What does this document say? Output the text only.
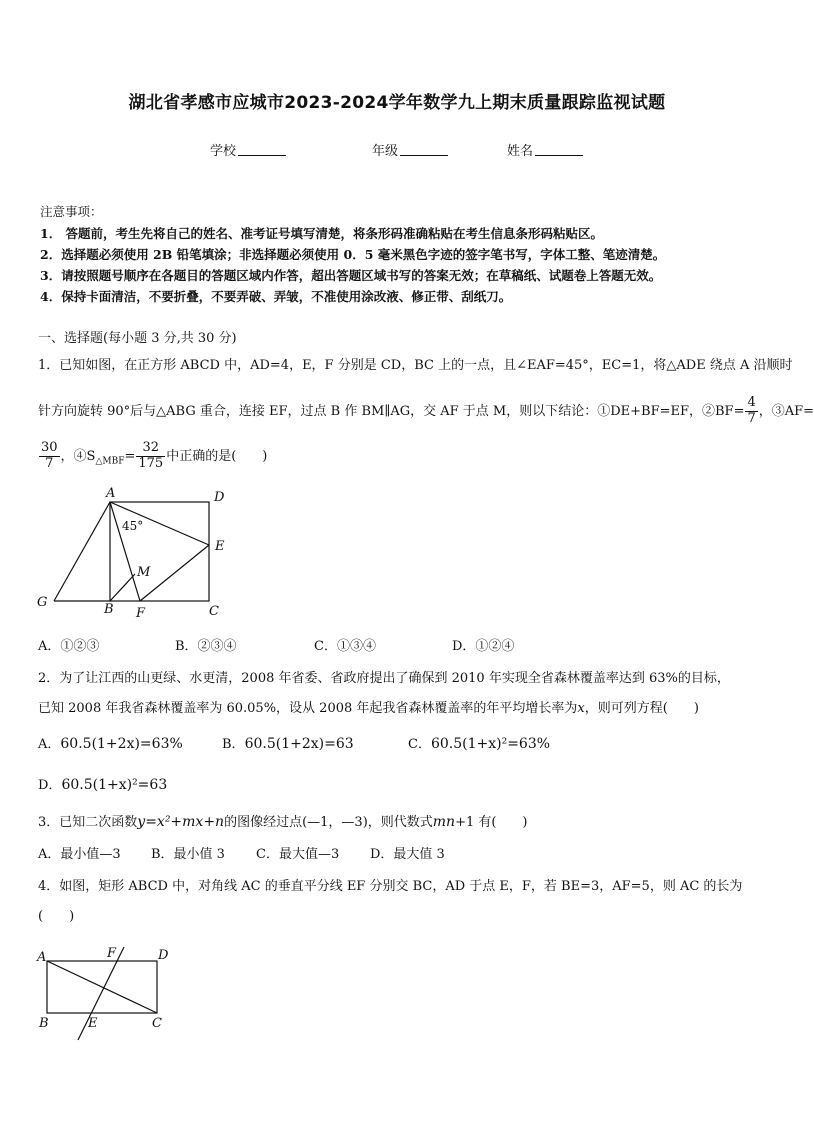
湖北省孝感市应城市2023-2024学年数学九上期末质量跟踪监视试题
学校	年级	姓名
注意事项：
1． 答题前，考生先将自己的姓名、准考证号填写清楚，将条形码准确粘贴在考生信息条形码粘贴区。
2．选择题必须使用 2B 铅笔填涂；非选择题必须使用 0．5 毫米黑色字迹的签字笔书写，字体工整、笔迹清楚。
3．请按照题号顺序在各题目的答题区域内作答，超出答题区域书写的答案无效；在草稿纸、试题卷上答题无效。
4．保持卡面清洁，不要折叠，不要弄破、弄皱，不准使用涂改液、修正带、刮纸刀。
一、选择题(每小题 3 分,共 30 分)
1．已知如图，在正方形 ABCD 中，AD=4，E，F 分别是 CD，BC 上的一点，且∠EAF=45°，EC=1，将△ADE 绕点 A 沿顺时
针方向旋转 90°后与△ABG 重合，连接 EF，过点 B 作 BM∥AG，交 AF 于点 M，则以下结论：①DE+BF=EF，②BF= $\frac{4}{7}$ ，③AF=
$\frac{30}{7}$ ，$④S_{\triangle MBF}= \frac{32}{175}$ 中正确的是(　　)
A	D
E
G	B F	C
M
45°
A．①②③	B．②③④	C．①③④	D．①②④
2．为了让江西的山更绿、水更清，2008 年省委、省政府提出了确保到 2010 年实现全省森林覆盖率达到 63%的目标，
已知 2008 年我省森林覆盖率为 60.05%，设从 2008 年起我省森林覆盖率的年平均增长率为x，则可列方程(　　)
A．60.5(1+2x)=63%	B．60.5(1+2x)=63	C．60.5(1+x)²=63%
D．60.5(1+x)²=63
3．已知二次函数y=x²+mx+n的图像经过点(—1，—3)，则代数式mn+1 有(　　)
A．最小值—3 B．最小值 3 C．最大值—3 D．最大值 3
4．如图，矩形 ABCD 中，对角线 AC 的垂直平分线 EF 分别交 BC，AD 于点 E，F，若 BE=3，AF=5，则 AC 的长为
(　　)
A	F	D
B	E	C
